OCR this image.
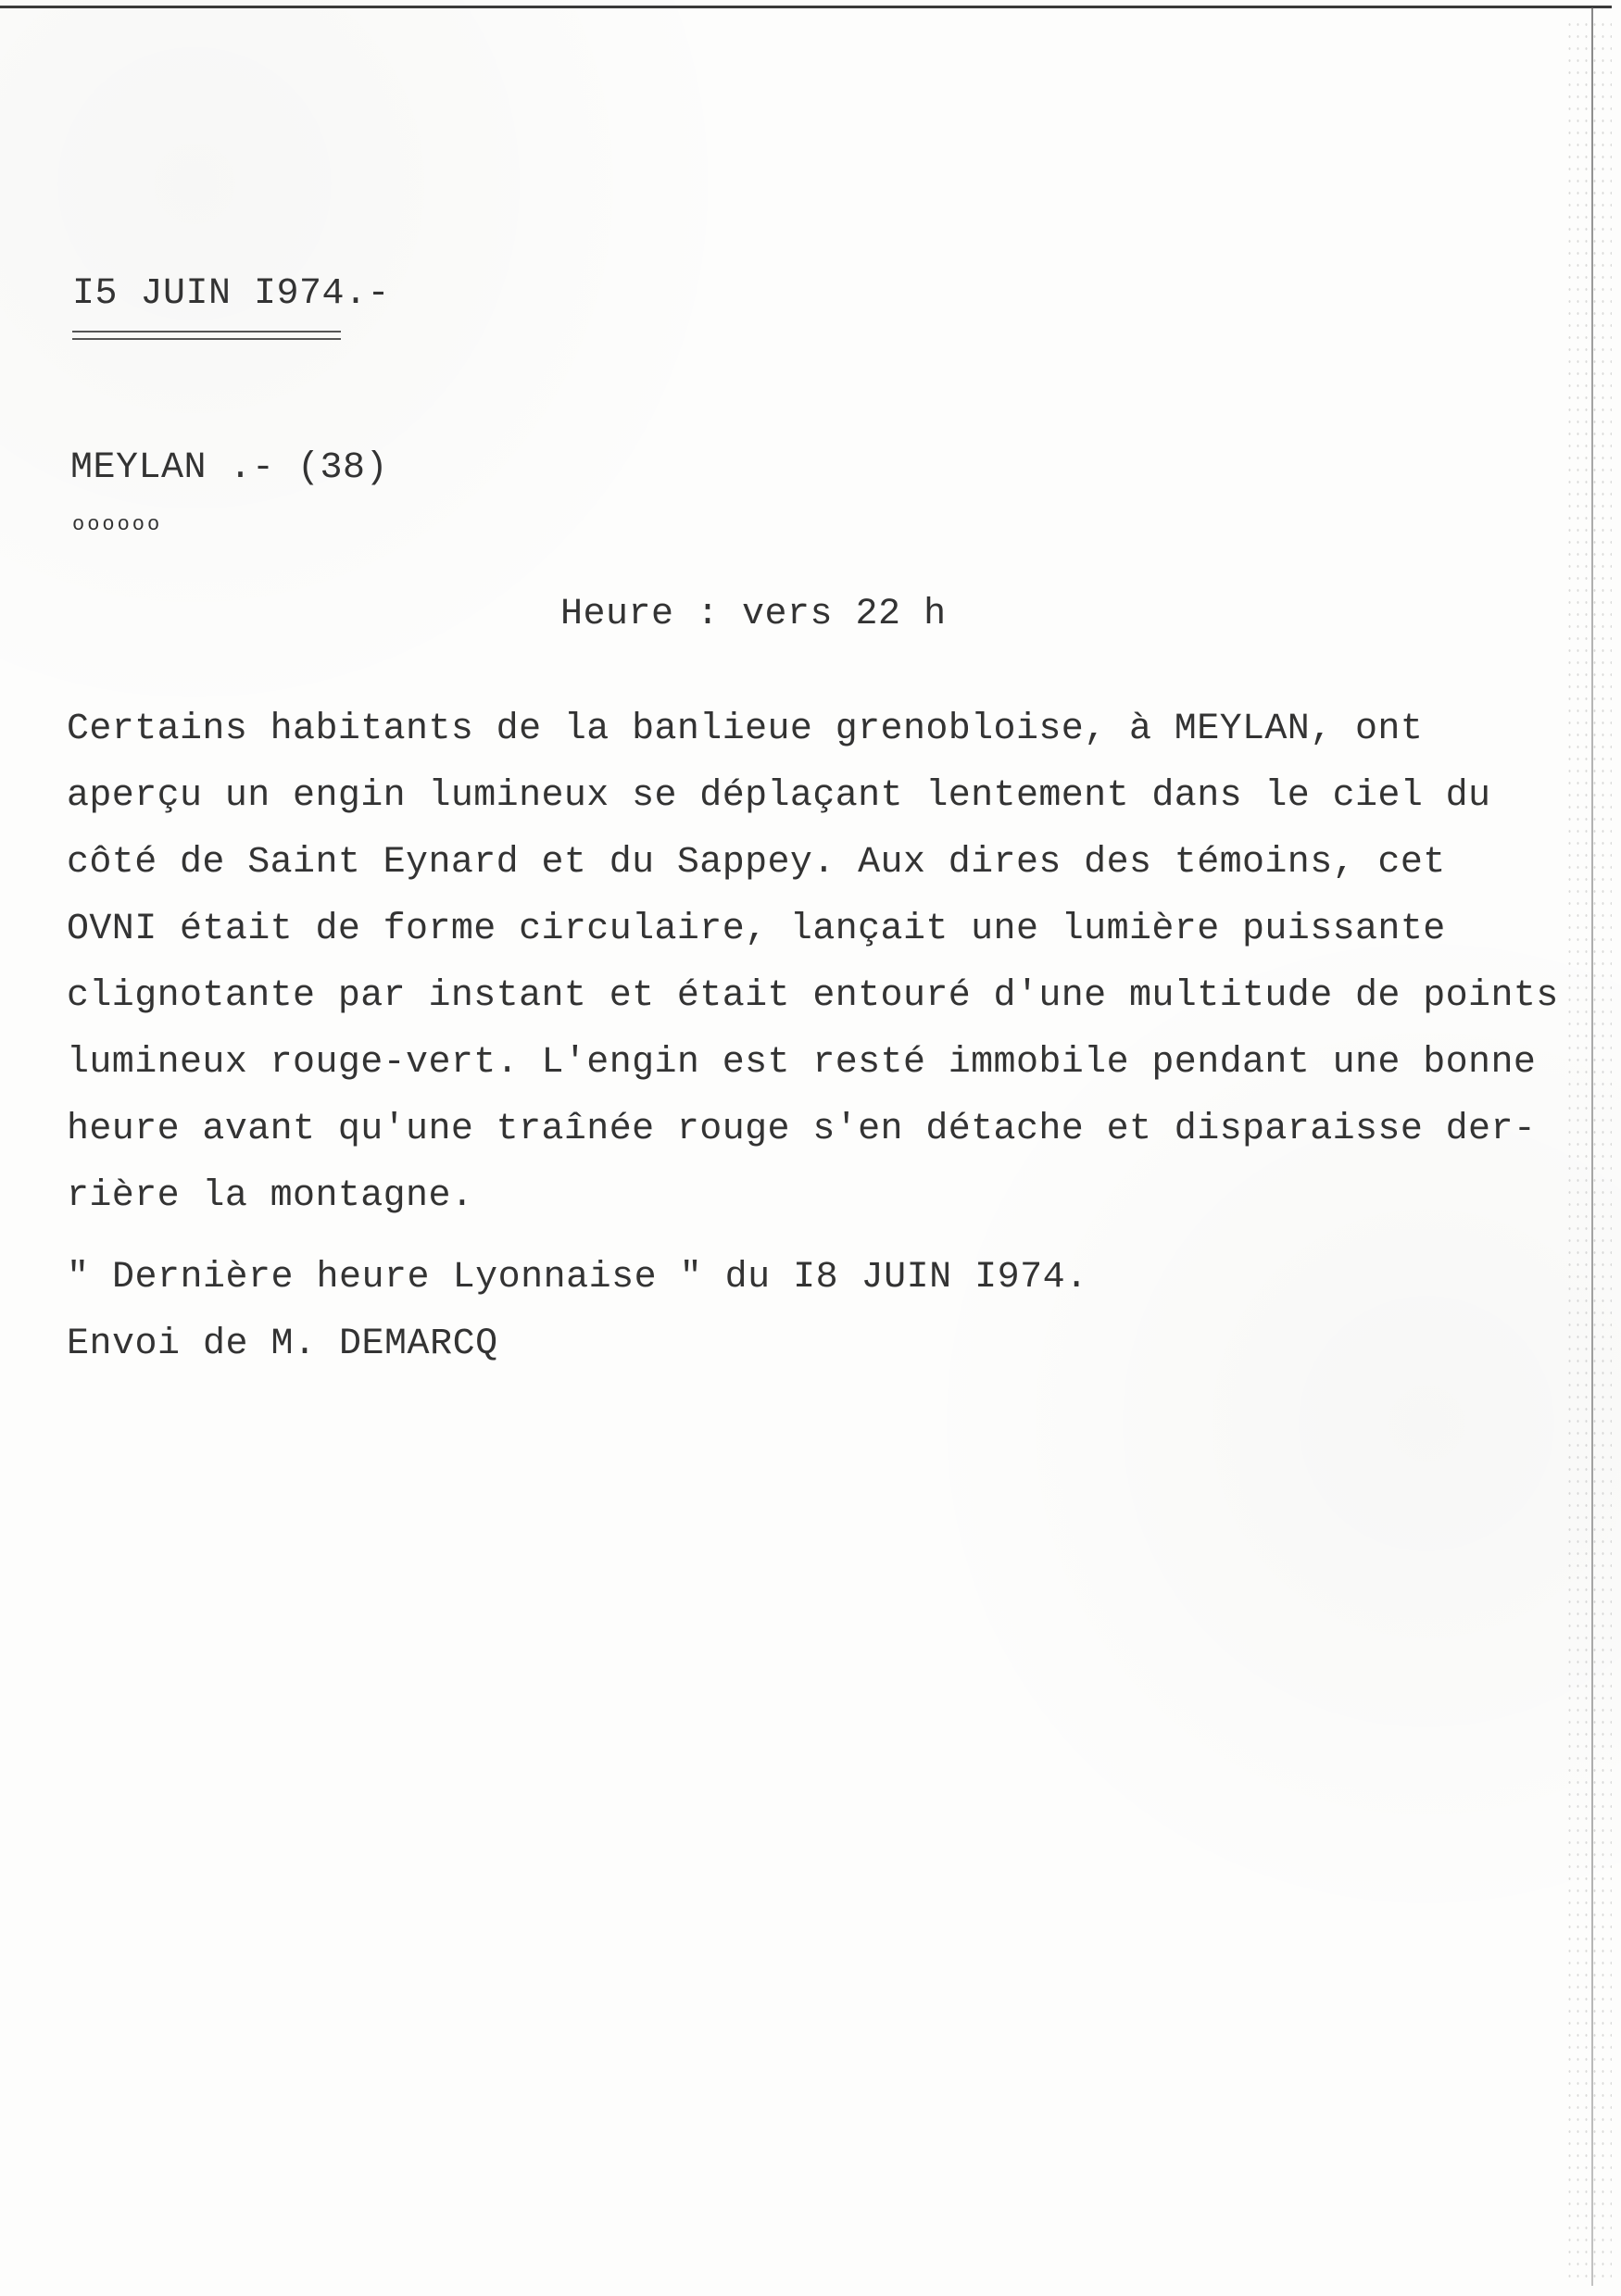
I5 JUIN I974.-
MEYLAN .- (38)
oooooo
Heure : vers 22 h
Certains habitants de la banlieue grenobloise, à MEYLAN, ont
aperçu un engin lumineux se déplaçant lentement dans le ciel du
côté de Saint Eynard et du Sappey. Aux dires des témoins, cet
OVNI était de forme circulaire, lançait une lumière puissante
clignotante par instant et était entouré d'une multitude de points
lumineux rouge-vert. L'engin est resté immobile pendant une bonne
heure avant qu'une traînée rouge s'en détache et disparaisse der-
rière la montagne.
" Dernière heure Lyonnaise " du I8 JUIN I974.
Envoi de M. DEMARCQ
